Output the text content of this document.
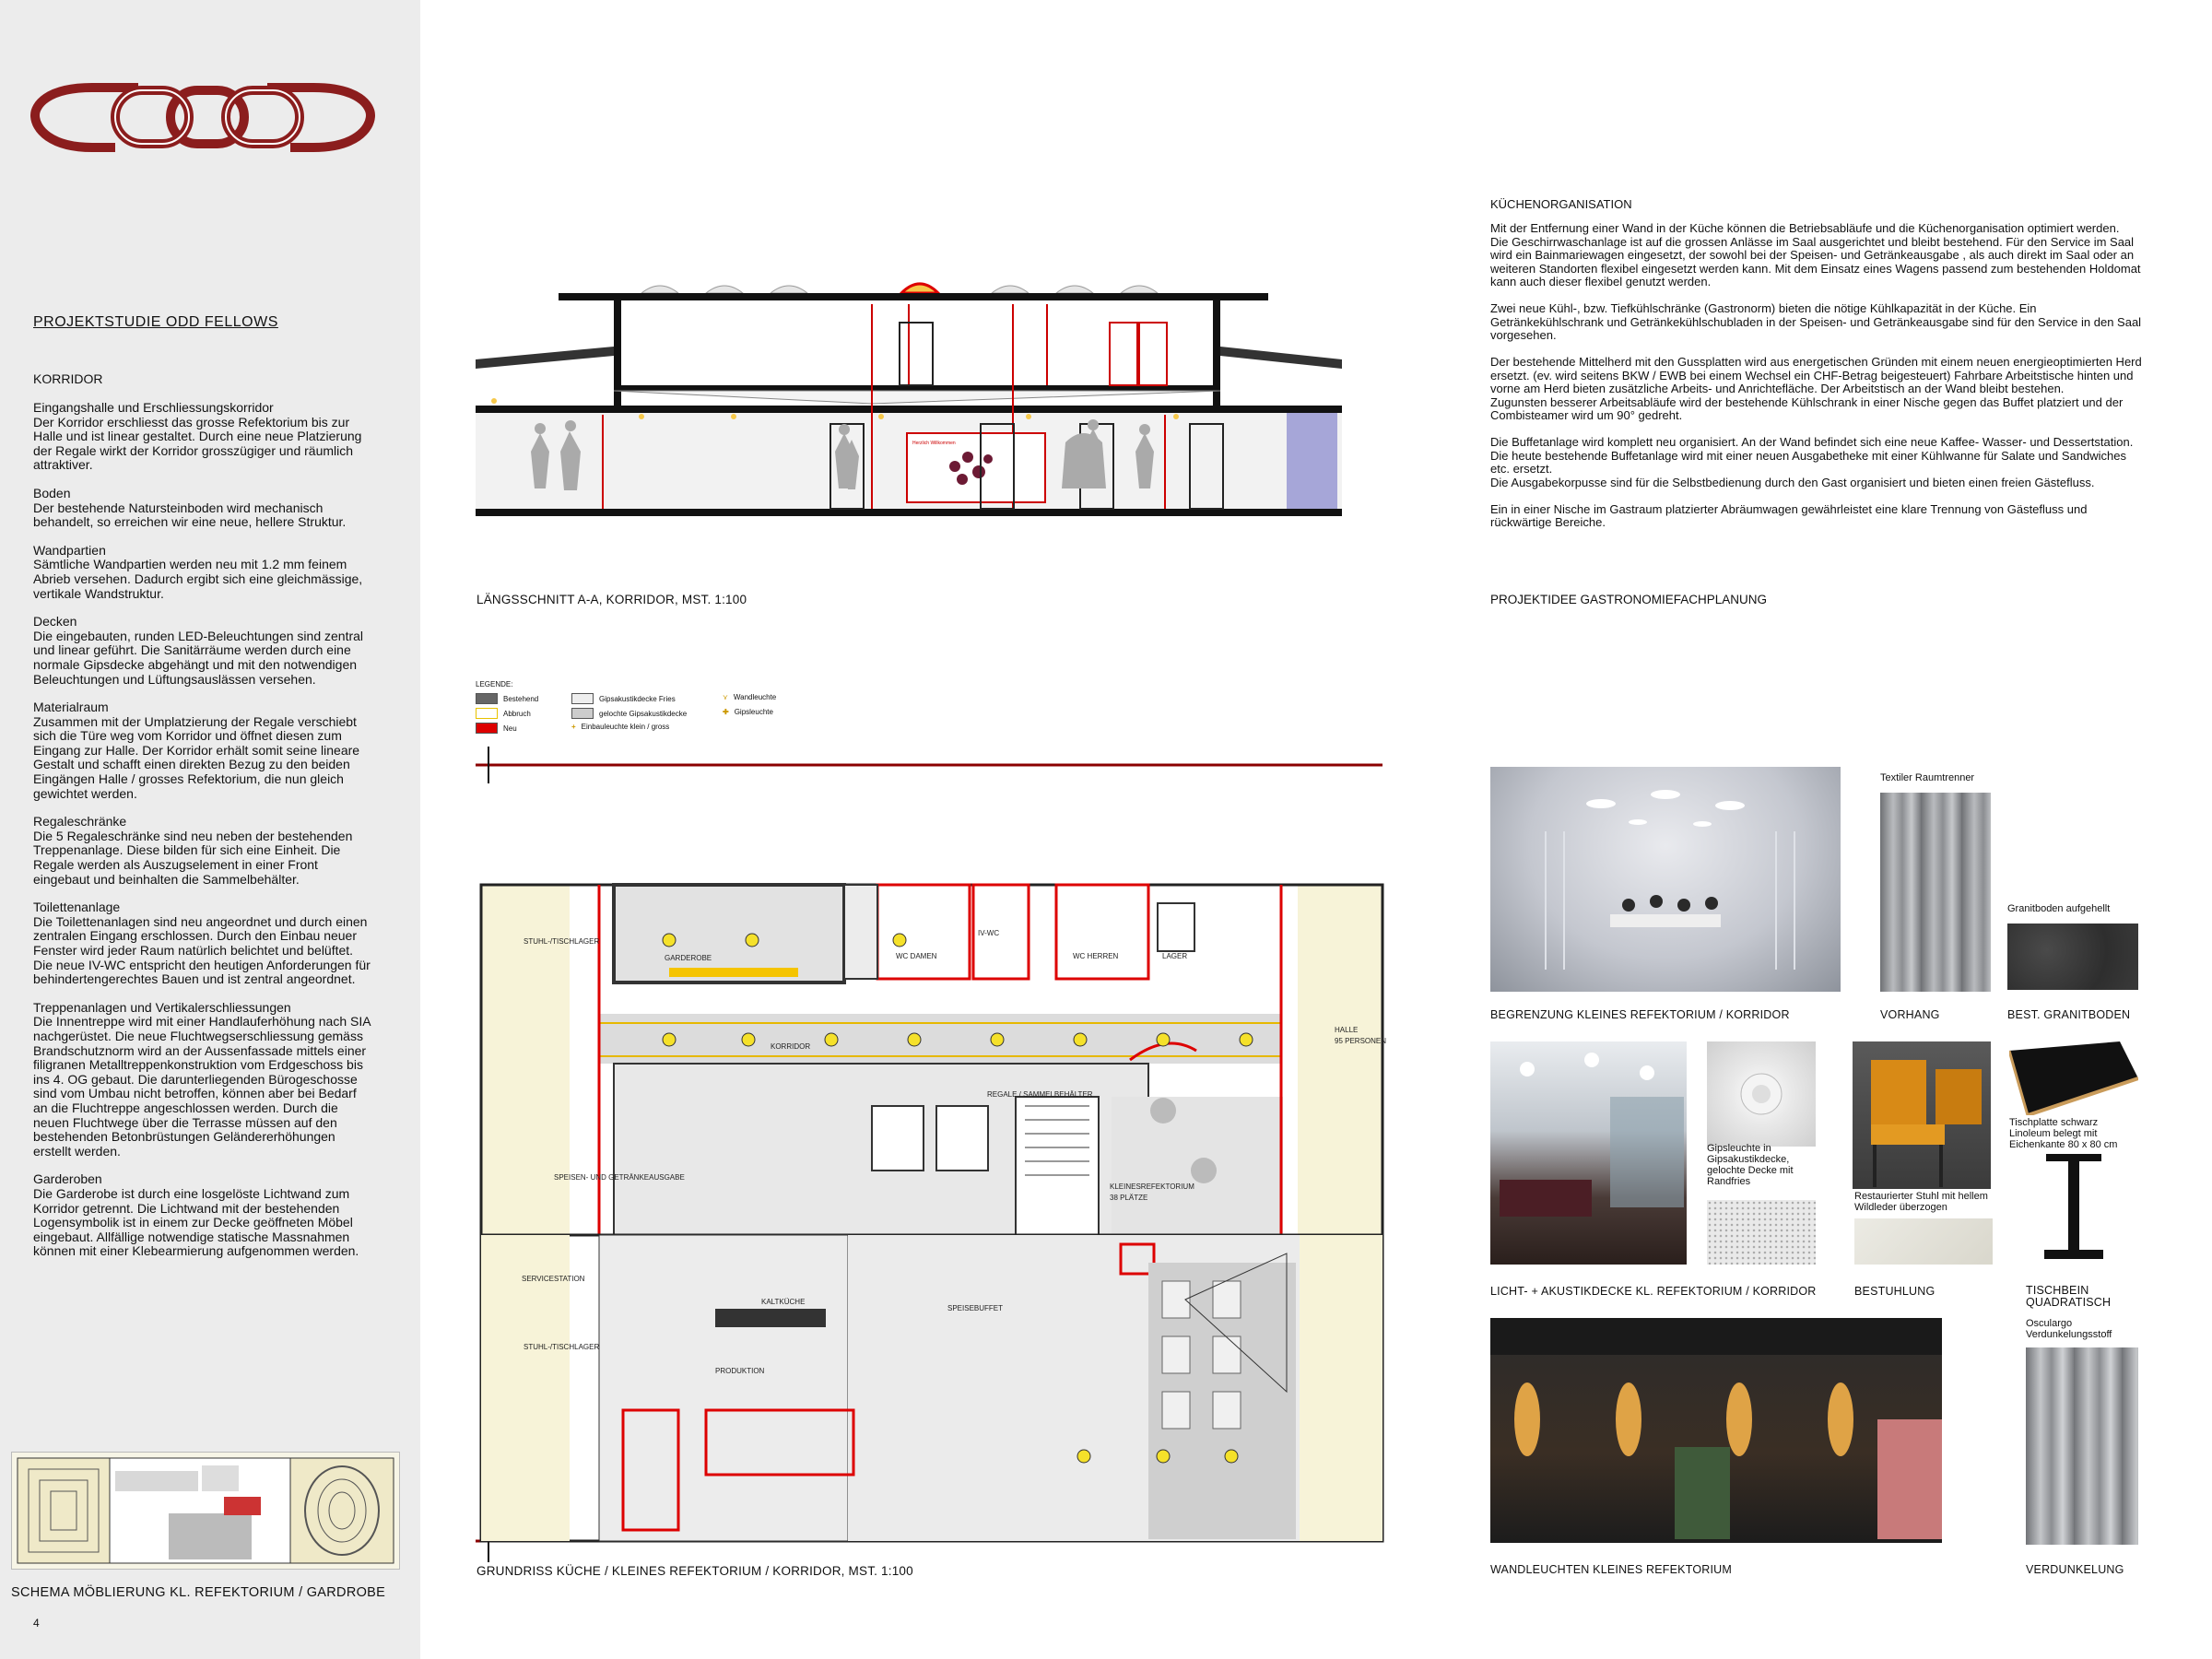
PROJEKTSTUDIE ODD FELLOWS
KORRIDOR

Eingangshalle und Erschliessungskorridor
Der Korridor erschliesst das grosse Refektorium bis zur Halle und ist linear gestaltet. Durch eine neue Platzierung der Regale wirkt der Korridor grosszügiger und räumlich attraktiver.

Boden
Der bestehende Natursteinboden wird mechanisch behandelt, so erreichen wir eine neue, hellere Struktur.

Wandpartien
Sämtliche Wandpartien werden neu mit 1.2 mm feinem Abrieb versehen. Dadurch ergibt sich eine gleichmässige, vertikale Wandstruktur.

Decken
Die eingebauten, runden LED-Beleuchtungen sind zentral und linear geführt. Die Sanitärräume werden durch eine normale Gipsdecke abgehängt und mit den notwendigen Beleuchtungen und Lüftungsauslässen versehen.

Materialraum
Zusammen mit der Umplatzierung der Regale verschiebt sich die Türe weg vom Korridor und öffnet diesen zum Eingang zur Halle. Der Korridor erhält somit seine lineare Gestalt und schafft einen direkten Bezug zu den beiden Eingängen Halle / grosses Refektorium, die nun gleich gewichtet werden.

Regaleschränke
Die 5 Regaleschränke sind neu neben der bestehenden Treppenanlage. Diese bilden für sich eine Einheit. Die Regale werden als Auszugselement in einer Front eingebaut und beinhalten die Sammelbehälter.

Toilettenanlage
Die Toilettenanlagen sind neu angeordnet und durch einen zentralen Eingang erschlossen. Durch den Einbau neuer Fenster wird jeder Raum natürlich belichtet und belüftet. Die neue IV-WC entspricht den heutigen Anforderungen für behindertengerechtes Bauen und ist zentral angeordnet.

Treppenanlagen und Vertikalerschliessungen
Die Innentreppe wird mit einer Handlauferhöhung nach SIA nachgerüstet. Die neue Fluchtwegserschliessung gemäss Brandschutznorm wird an der Aussenfassade mittels einer filigranen Metalltreppenkonstruktion vom Erdgeschoss bis ins 4. OG gebaut. Die darunterliegenden Bürogeschosse sind vom Umbau nicht betroffen, können aber bei Bedarf an die Fluchtreppe angeschlossen werden. Durch die neuen Fluchtwege über die Terrasse müssen auf den bestehenden Betonbrüstungen Geländererhöhungen erstellt werden.

Garderoben
Die Garderobe ist durch eine losgelöste Lichtwand zum Korridor getrennt. Die Lichtwand mit der bestehenden Logensymbolik ist in einem zur Decke geöffneten Möbel eingebaut. Allfällige notwendige statische Massnahmen können mit einer Klebearmierung aufgenommen werden.

SCHEMA MÖBLIERUNG KL. REFEKTORIUM / GARDROBE
4
Herzlich Willkommen
LÄNGSSCHNITT A-A, KORRIDOR, MST. 1:100
LEGENDE:
Bestehend
Abbruch
Neu
Gipsakustikdecke Fries
gelochte Gipsakustikdecke
+ Einbauleuchte klein / gross
⋎ Wandleuchte
✚ Gipsleuchte
STUHL-/TISCHLAGER
STUHL-/TISCHLAGER
GARDEROBE	WC DAMEN
IV-WC
WC HERREN	LAGER
KORRIDOR
HALLE
95 PERSONEN
REGALE / SAMMELBEHÄLTER
SPEISEN- UND GETRÄNKEAUSGABE
KLEINESREFEKTORIUM
38 PLÄTZE
KALTKÜCHE
PRODUKTION
SPEISEBUFFET
SERVICESTATION
GRUNDRISS KÜCHE / KLEINES REFEKTORIUM / KORRIDOR, MST. 1:100
KÜCHENORGANISATION

Mit der Entfernung einer Wand in der Küche können die Betriebsabläufe und die Küchenorganisation optimiert werden.
Die Geschirrwaschanlage ist auf die grossen Anlässe im Saal ausgerichtet und bleibt bestehend. Für den Service im Saal wird ein Bainmariewagen eingesetzt, der sowohl bei der Speisen- und Getränkeausgabe , als auch direkt im Saal oder an weiteren Standorten flexibel eingesetzt werden kann. Mit dem Einsatz eines Wagens passend zum bestehenden Holdomat kann auch dieser flexibel genutzt werden.

Zwei neue Kühl-, bzw. Tiefkühlschränke (Gastronorm) bieten die nötige Kühlkapazität in der Küche. Ein Getränkekühlschrank und Getränkekühlschubladen in der Speisen- und Getränkeausgabe sind für den Service in den Saal vorgesehen.

Der bestehende Mittelherd mit den Gussplatten wird aus energetischen Gründen mit einem neuen energieoptimierten Herd ersetzt. (ev. wird seitens BKW / EWB bei einem Wechsel ein CHF-Betrag beigesteuert) Fahrbare Arbeitstische hinten und vorne am Herd bieten zusätzliche Arbeits- und Anrichtefläche. Der Arbeitstisch an der Wand bleibt bestehen.
Zugunsten besserer Arbeitsabläufe wird der bestehende Kühlschrank in einer Nische gegen das Buffet platziert und der Combisteamer wird um 90° gedreht.

Die Buffetanlage wird komplett neu organisiert. An der Wand befindet sich eine neue Kaffee- Wasser- und Dessertstation. Die heute bestehende Buffetanlage wird mit einer neuen Ausgabetheke mit einer Kühlwanne für Salate und Sandwiches etc. ersetzt.
Die Ausgabekorpusse sind für die Selbstbedienung durch den Gast organisiert und bieten einen freien Gästefluss.

Ein in einer Nische im Gastraum platzierter Abräumwagen gewährleistet eine klare Trennung von Gästefluss und rückwärtige Bereiche.

PROJEKTIDEE GASTRONOMIEFACHPLANUNG
BEGRENZUNG KLEINES REFEKTORIUM / KORRIDOR
Textiler Raumtrenner
VORHANG
Granitboden aufgehellt
BEST. GRANITBODEN
Gipsleuchte in Gipsakustikdecke, gelochte Decke mit Randfries
LICHT- + AKUSTIKDECKE KL. REFEKTORIUM / KORRIDOR
Restaurierter Stuhl mit hellem Wildleder überzogen
BESTUHLUNG
Tischplatte schwarz Linoleum belegt mit Eichenkante 80 x 80 cm
TISCHBEIN QUADRATISCH
WANDLEUCHTEN KLEINES REFEKTORIUM
Osculargo Verdunkelungsstoff
VERDUNKELUNG
